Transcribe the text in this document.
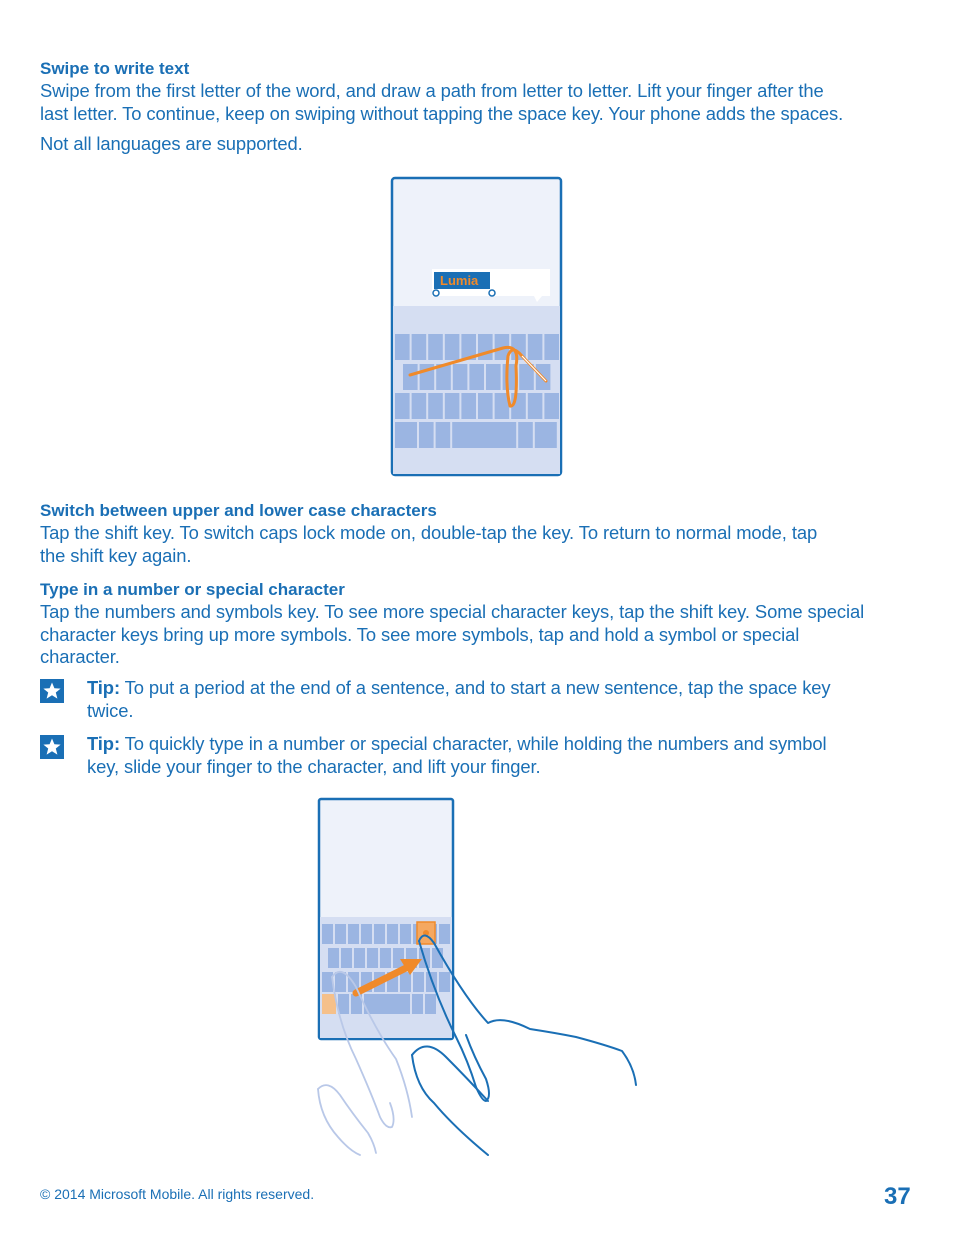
Swipe to write text
Swipe from the first letter of the word, and draw a path from letter to letter. Lift your finger after the
last letter. To continue, keep on swiping without tapping the space key. Your phone adds the spaces.
Not all languages are supported.
Lumia
Switch between upper and lower case characters
Tap the shift key. To switch caps lock mode on, double-tap the key. To return to normal mode, tap
the shift key again.
Type in a number or special character
Tap the numbers and symbols key. To see more special character keys, tap the shift key. Some special
character keys bring up more symbols. To see more symbols, tap and hold a symbol or special
character.
Tip: To put a period at the end of a sentence, and to start a new sentence, tap the space key
twice.
Tip: To quickly type in a number or special character, while holding the numbers and symbol
key, slide your finger to the character, and lift your finger.
© 2014 Microsoft Mobile. All rights reserved.	37
